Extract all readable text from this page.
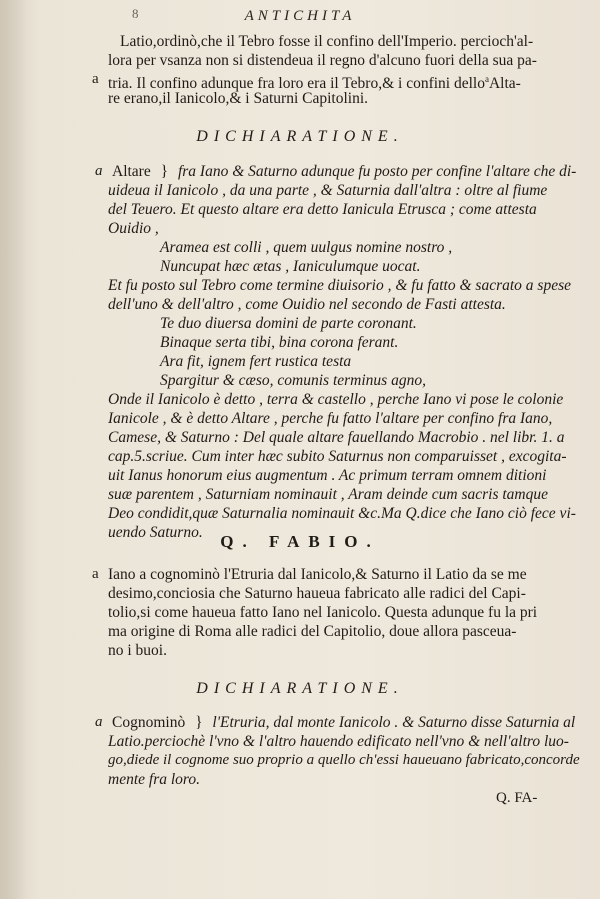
8	ANTICHITA
Latio,ordinò,che il Tebro fosse il confino dell'Imperio. percioch'al-
lora per vsanza non si distendeua il regno d'alcuno fuori della sua pa-
a tria. Il confino adunque fra loro era il Tebro,& i confini dello$^a$Alta-
re erano,il Ianicolo,& i Saturni Capitolini.
DICHIARATIONE.
a Altare } fra Iano & Saturno adunque fu posto per confine l'altare che di-
uideua il Ianicolo , da una parte , & Saturnia dall'altra : oltre al fiume
del Teuero. Et questo altare era detto Ianicula Etrusca ; come attesta
Ouidio ,
Aramea est colli , quem uulgus nomine nostro ,
Nuncupat hæc ætas , Ianiculumque uocat.
Et fu posto sul Tebro come termine diuisorio , & fu fatto & sacrato a spese
dell'uno & dell'altro , come Ouidio nel secondo de Fasti attesta.
Te duo diuersa domini de parte coronant.
Binaque serta tibi, bina corona ferant.
Ara fit, ignem fert rustica testa
Spargitur & cæso, comunis terminus agno,
Onde il Ianicolo è detto , terra & castello , perche Iano vi pose le colonie
Ianicole , & è detto Altare , perche fu fatto l'altare per confino fra Iano,
Camese, & Saturno : Del quale altare fauellando Macrobio . nel libr. 1. a
cap.5.scriue. Cum inter hæc subito Saturnus non comparuisset , excogita-
uit Ianus honorum eius augmentum . Ac primum terram omnem ditioni
suæ parentem , Saturniam nominauit , Aram deinde cum sacris tamque
Deo condidit,quæ Saturnalia nominauit &c.Ma Q.dice che Iano ciò fece vi-
uendo Saturno.	Q. FABIO.
a Iano a cognominò l'Etruria dal Ianicolo,& Saturno il Latio da se me
desimo,conciosia che Saturno haueua fabricato alle radici del Capi-
tolio,si come haueua fatto Iano nel Ianicolo. Questa adunque fu la pri
ma origine di Roma alle radici del Capitolio, doue allora pasceua-
no i buoi.
DICHIARATIONE.
a Cognominò } l'Etruria, dal monte Ianicolo . & Saturno disse Saturnia al
Latio.perciochè l'vno & l'altro hauendo edificato nell'vno & nell'altro luo-
go,diede il cognome suo proprio a quello ch'essi haueuano fabricato,concorde
mente fra loro.
Q. FA-
